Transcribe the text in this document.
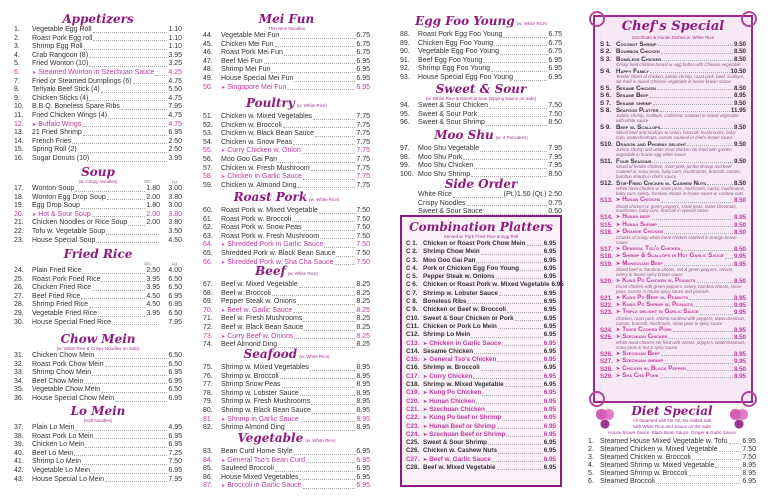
Appetizers
1.	Vegetable Egg Roll	1.10
2.	Roast Pork Egg roll	1.10
3.	Shrimp Egg Roll	1.10
4.	Crab Rangoon (8)	3.95
5.	Fried Wonton (10)	3.25
6.	➤ Steamed Wonton in Szechuan Sauce 4.25
7.	Fried or Steamed Dumplings (6)	4.75
8.	Teriyaki Beef Stick (4)	5.50
9.	Chicken Sticks (4)	4.75
10.	B.B.Q. Boneless Spare Ribs	7.95
11.	Fried Chicken Wings (4)	4.75
12.	➤ Buffalo Wings	4.75
13.	21 Fried Shrimp	6.95
14.	French Fries	2.50
15.	Spring Roll (2)	2.50
16.	Sugar Donuts (10)	3.95
Soup
(w. Crispy Noodles)	Sm.	Lg.
17.	Wonton Soup	1.80	3.00
18.	Wonton Egg Drop Soup	2.00	3.80
19.	Egg Drop Soup	1.80	3.00
20.	➤ Hot & Sour Soup	2.00	3.80
21.	Chicken Noodles or Rice Soup	2.00	3.80
22.	Tofu w. Vegetable Soup	3.50
23.	House Special Soup	4.50
Fried Rice
Sm.	Lg.
24.	Plain Fried Rice	2.50	4.00
25.	Roast Pork Fried Rice	3.95	6.50
26.	Chicken Fried Rice	3.95	6.50
27.	Beef Fried Rice	4.50	6.95
28.	Shrimp Fried Rice	4.50	6.95
29.	Vegetable Fried Rice	3.95	6.50
30.	House Special Fried Rice	7.95
Chow Mein
(w. White Rice & Crispy Noodles on Side)
31.	Chicken Chow Mein	6.50
32.	Roast Pork Chow Mein	6.50
33.	Shrimp Chow Mein	6.95
34.	Beef Chow Mein	6.95
35.	Vegetable Chow Mein	6.50
36.	House Special Chow Mein	6.95
Lo Mein
(Soft Noodles)
37.	Plain Lo Mein	4.95
38.	Roast Pork Lo Mein	6.95
39.	Chicken Lo Mein	6.95
40.	Beef Lo Mein	7.25
41.	Shrimp Lo Mein	7.50
42.	Vegetable Lo Mein	6.95
43.	House Special Lo Mein	7.95
Mei Fun
Thin Rice Noodles
44.	Vegetable Mei Fun	6.75
45.	Chicken Mei Fun	6.75
46.	Roast Pork Mei Fun	6.75
47.	Beef Mei Fun	6.95
48.	Shrimp Mei Fun	6.95
49.	House Special Mei Fun	6.95
50.	➤ Singapore Mei Fun	6.95
Poultry (w. White Rice)
51.	Chicken w. Mixed Vegetables	7.75
52.	Chicken w. Broccoli	7.75
53.	Chicken w. Black Bean Sauce	7.75
54.	Chicken w. Snow Peas	7.75
55.	➤ Curry Chicken w. Onion	7.75
56.	Moo Goo Gai Pan	7.75
57.	Chicken w. Fresh Mushroom	7.75
58.	➤ Chicken in Garlic Sauce	7.75
59.	Chicken w. Almond Ding	7.75
Roast Pork (w. White Rice)
60.	Roast Pork w. Mixed Vegetable	7.50
61.	Roast Pork w. Broccoli	7.50
62.	Roast Pork w. Snow Peas	7.50
63.	Roast Pork w. Fresh Mushroom	7.50
64.	➤ Shredded Pork in Garlic Sauce	7.50
65.	Shredded Pork w. Black Bean Sauce	7.50
66.	➤ Shredded Pork w. Sha Cha Sauce	7.50
Beef (w. White Rice)
67.	Beef w. Mixed Vegetable	8.25
68.	Beef w. Broccoli	8.25
69.	Pepper Steak w. Onions	8.25
70.	➤ Beef w. Garlic Sauce	8.25
71.	Beef w. Fresh Mushrooms	8.25
72.	Beef w. Black Bean Sauce	8.25
73.	➤ Curry Beef w. Onions	8.25
74.	Beef Almond Ding	8.25
Seafood (w. White Rice)
75.	Shrimp w. Mixed Vegetables	8.95
76.	Shrimp w. Broccoli	8.95
77.	Shrimp Snow Peas	8.95
78.	Shrimp w. Lobster Sauce	8.95
79.	Shrimp w. Fresh Mushrooms	8.95
80.	Shrimp w. Black Bean Sauce	8.95
81.	➤ Shrimp in Garlic Sauce	8.95
82.	Shrimp Almond Ding	8.95
Vegetable (w. White Rice)
83.	Bean Curd Home Style	6.95
84.	➤ General Tso's Bean Curd	6.95
85.	Sauteed Broccoli	6.95
86.	House Mixed Vegetables	6.95
87.	➤ Broccoli in Garlic Sauce	6.95
Egg Foo Young (w. White Rice)
88.	Roast Pork Egg Foo Young	6.75
89.	Chicken Egg Foo Young	6.75
90.	Vegetable Egg Foo Young	6.75
91.	Beef Egg Foo Young	6.95
92.	Shrimp Egg Foo Young	6.95
93.	House Special Egg Foo Young	6.95
Sweet & Sour
(w. White Rice & Sweet & Sour Dipping Sauce on Side)
94.	Sweet & Sour Chicken	7.50
95.	Sweet & Sour Pork	7.50
96.	Sweet & Sour Shrimp	8.50
Moo Shu (w. 4 Pancakes)
97.	Moo Shu Vegetable	7.95
98.	Moo Shu Pork	7.95
99.	Moo Shu Chicken	7.95
100. Moo Shu Shrimp	8.50
Side Order
White Rice	(Pt.)1.50 (Qt.) 2.50
Crispy Noodles	0.75
Sweet & Sour Sauce	0.50
Combination Platters
Served w. Pork Fried Rice & Egg Roll
C 1. Chicken or Roast Pork Chow Mein	6.95
C 2. Shrimp Chow Mein	6.95
C 3. Moo Goo Gai Pan	6.95
C 4. Pork or Chicken Egg Foo Young	6.95
C 5. Pepper Steak w. Onions	6.95
C 6. Chicken or Roast Pork w. Mixed Vegetable 6.95
C 7. Shrimp w. Lobster Sauce	6.95
C 8. Boneless Ribs	6.95
C 9. Chicken or Beef w. Broccoli	6.95
C10. Sweet & Sour Chicken or Pork	6.95
C11. Chicken or Pork Lo Mein	6.95
C12. Shrimp Lo Mein	6.95
C13. ➤ Chicken in Garlic Sauce	6.95
C14. Sesame Chicken	6.95
C15. ➤ General Tso's Chicken	6.95
C16. Shrimp w. Broccoli	6.95
C17. ➤ Curry Chicken	6.95
C18. Shrimp w. Mixed Vegetable	6.95
C19. ➤ Kung Po Chicken	6.95
C20. ➤ Hunan Chicken	6.95
C21. ➤ Szechuan Chicken	6.95
C22. ➤ Kung Po beef or Shrimp	6.95
C23. ➤ Hunan Beef or Shrimp	6.95
C24. ➤ Szechuan Beef or Shrimp	6.95
C25. Sweet & Sour Shrimp	6.95
C26. Chicken w. Cashew Nuts	6.95
C27. ➤ Beef w. Garlic Sauce	6.95
C28. Beef w. Mixed Vegetable	6.95
Chef's Special
Szechuan & Hunan Dishes w. White Rice
S 1. Coconut Shrimp	9.50
S 2. Bourbon Chicken	8.50
S 3. Boneless Chicken	8.50
Crispy fried chicken breast w. egg batter with Chinese vegetable
S 4. Happy Family	10.50
Tender sliced of chicken, jumbo shrimp, roast pork, beef, scallops, stir fried in mixed Chinese vegetable in house brown sauce
S 5. Sesame Chicken	8.50
S 6. Sesame Beef	8.95
S 7. Sesame shrimp	9.50
S 8. Seafood Platter	11.95
Jumbo shrimp, scallops, crabmeat, sauteed in mixed vegetable with white sauce
S 9. Beef w. Scallops	9.50
Sliced beef and scallops w. onion, broccoli, mushrooms, baby corn, waterchestnuts, carrots sauteed in chef's brown sauce
S10. Dragon and Phoenix delight	9.50
Jumbo shrimp and white meat chicken stir-fried with garden vegetable in house egg white sauce
S11. Four Seasons	9.50
Mixed of tender chicken, roast pork, jumbo shrimp and beef sauteed w. snow peas, baby corn, mushrooms, broccoli, carrots, bamboo shoots in chef's sauce
S12. Stir-Fried Chicken w. Cashew Nuts	8.50
White meat chicken w. snow peas, mushroom, carrot, mushrooms, baby corn, celery, bamboo shoots in brown sauce w. cashew nuts
S13. ➤ Hunan Chicken	8.50
Sliced chicken w. green peppers, snow peas, water chestnuts, mushroom, baby corn, broccoli in special sauce
S14. ➤ Hunan beef	8.95
S15. ➤ Hunan Shrimp	9.50
S16. ➤ Orange Chicken	8.50
Chunks of crispy white meat chicken sautéed in orange brown sauce
S17. ➤ General Tso's Chicken	8.50
S18. ➤ Shrimp & Scallops in Hot Garlic Sauce 9.95
S19. ➤ Mongolian Beef	8.95
Sliced beef w. bamboo shoots, red & green peppers, onions, celery in house spicy brown sauce
S20. ➤ Kung Po Chicken w. Peanuts	8.50
Diced chicken with green peppers, celery, bamboo shoots, snow peas, carrots in house spicy sauce and peanuts
S21. ➤ Kung Po Beef w. Peanuts	8.95
S22. ➤ Kung Po Shrimp w. Peanuts	9.95
S23. ➤ Triple delight in Garlic Sauce	9.95
Chicken, roast pork, shrimp sautéed with peppers, waterchestnuts, carrots, broccoli, mushroom, snow peas in spicy sauce
S24. ➤ Twice Cooked Pork	8.95
S25. ➤ Szechuan Chicken	8.50
White meat chicken stir fried with onions, peppers, waterchestnuts, snow peas in hot & spicy sauce
S26. ➤ Szechuan Beef	8.95
S27. ➤ Szechuan shrimp	9.95
S28. ➤ Chicken w. Black Pepper	8.50
S29. ➤ Sha Cha Pork	8.95
Diet Special
All Steamed with No Oil, No Added Salt
with White Rice and Sauce on the Side
House Brown Sauce, Black Bean Sauce, Ginger & Garlic Sauce
1. Steamed House Mixed Vegetable w. Tofu 6.95
2. Steamed Chicken w. Mixed Vegetable	7.50
3. Steamed Chicken w. Broccoli	7.50
4. Steamed Shrimp w. Mixed Vegetable	8.95
5. Steamed Shrimp w. Broccoli	8.95
6. Steamed Broccoli	6.95
